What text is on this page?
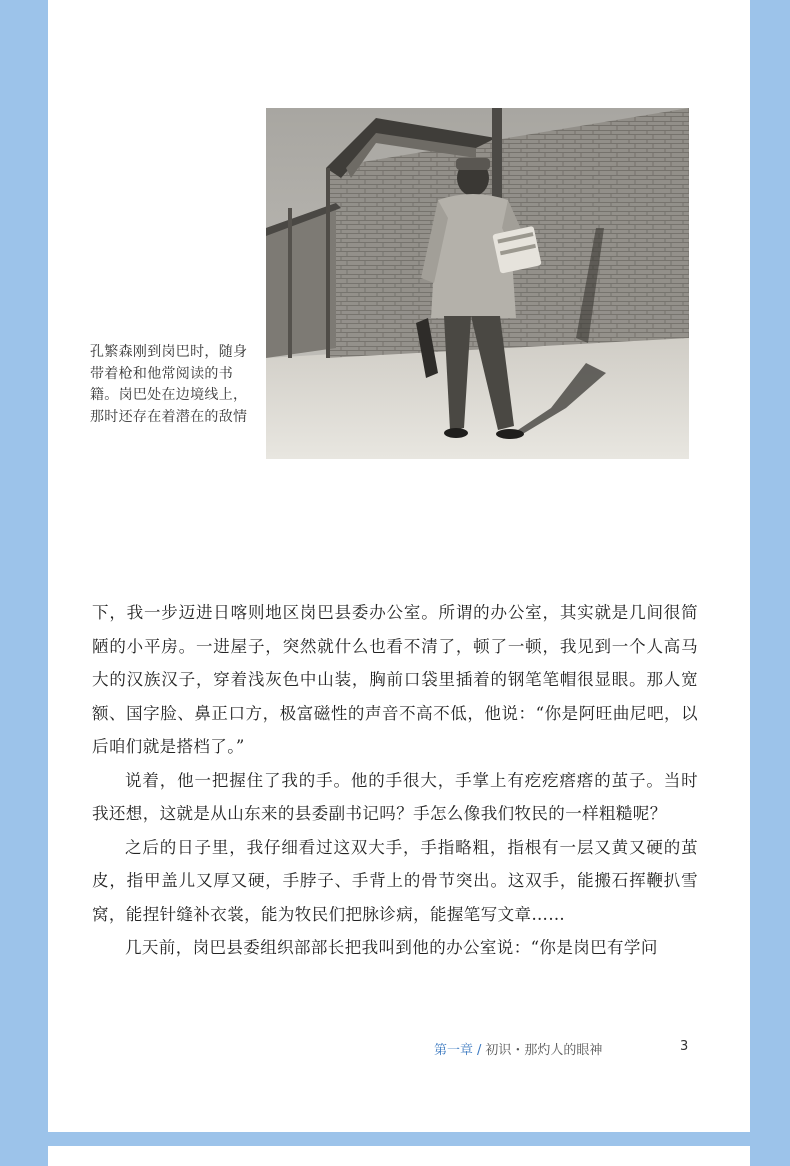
孔繁森刚到岗巴时，随身带着枪和他常阅读的书籍。岗巴处在边境线上，那时还存在着潜在的敌情

下，我一步迈进日喀则地区岗巴县委办公室。所谓的办公室，其实就是几间很简陋的小平房。一进屋子，突然就什么也看不清了，顿了一顿，我见到一个人高马大的汉族汉子，穿着浅灰色中山装，胸前口袋里插着的钢笔笔帽很显眼。那人宽额、国字脸、鼻正口方，极富磁性的声音不高不低，他说：“你是阿旺曲尼吧，以后咱们就是搭档了。”

说着，他一把握住了我的手。他的手很大，手掌上有疙疙瘩瘩的茧子。当时我还想，这就是从山东来的县委副书记吗？手怎么像我们牧民的一样粗糙呢？

之后的日子里，我仔细看过这双大手，手指略粗，指根有一层又黄又硬的茧皮，指甲盖儿又厚又硬，手脖子、手背上的骨节突出。这双手，能搬石挥鞭扒雪窝，能捏针缝补衣裳，能为牧民们把脉诊病，能握笔写文章……

几天前，岗巴县委组织部部长把我叫到他的办公室说：“你是岗巴有学问

第一章 / 初识・那灼人的眼神	3
